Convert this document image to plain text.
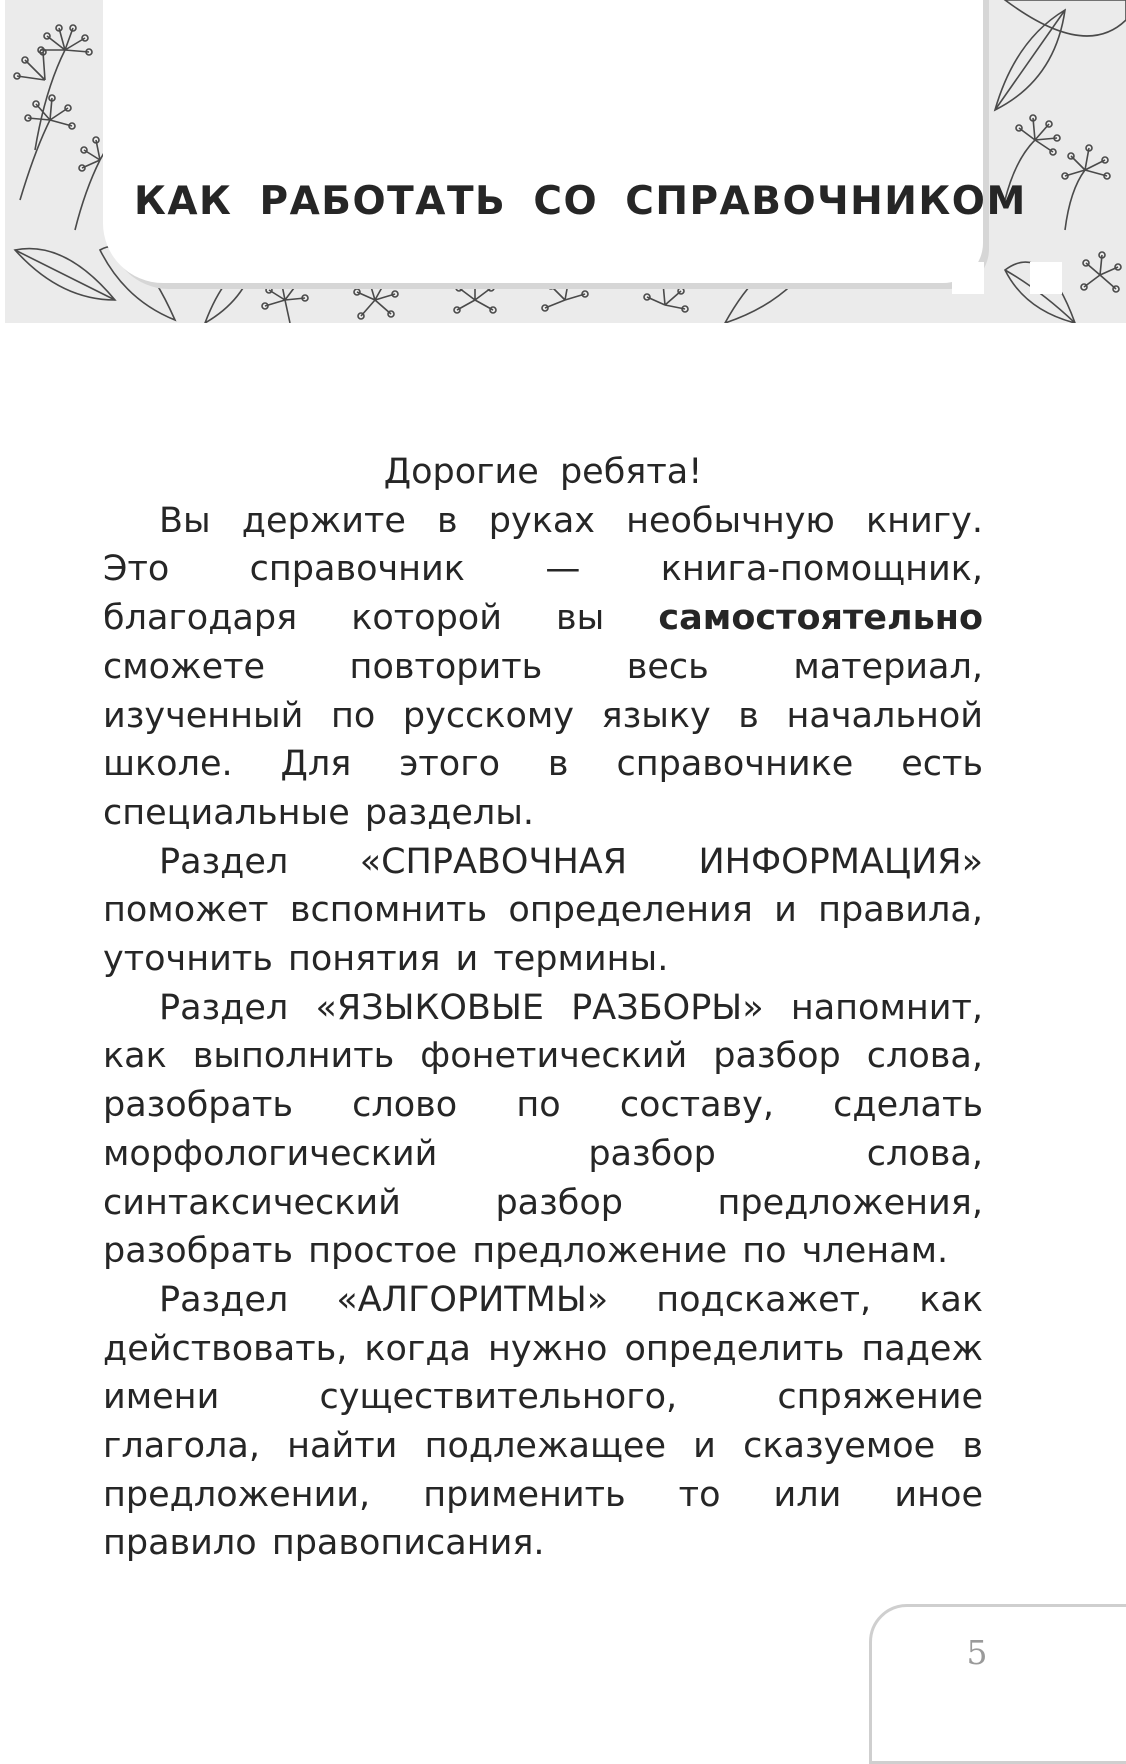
КАК РАБОТАТЬ СО СПРАВОЧНИКОМ

Дорогие ребята!

Вы держите в руках необычную книгу. Это справочник — книга-помощник, благодаря которой вы самостоятельно сможете повторить весь материал, изученный по русскому языку в начальной школе. Для этого в справочнике есть специальные разделы.

Раздел «СПРАВОЧНАЯ ИНФОРМАЦИЯ» поможет вспомнить определения и правила, уточнить понятия и термины.

Раздел «ЯЗЫКОВЫЕ РАЗБОРЫ» напомнит, как выполнить фонетический разбор слова, разобрать слово по составу, сделать морфологический разбор слова, синтаксический разбор предложения, разобрать простое предложение по членам.

Раздел «АЛГОРИТМЫ» подскажет, как действовать, когда нужно определить падеж имени существительного, спряжение глагола, найти подлежащее и сказуемое в предложении, применить то или иное правило правописания.

5
